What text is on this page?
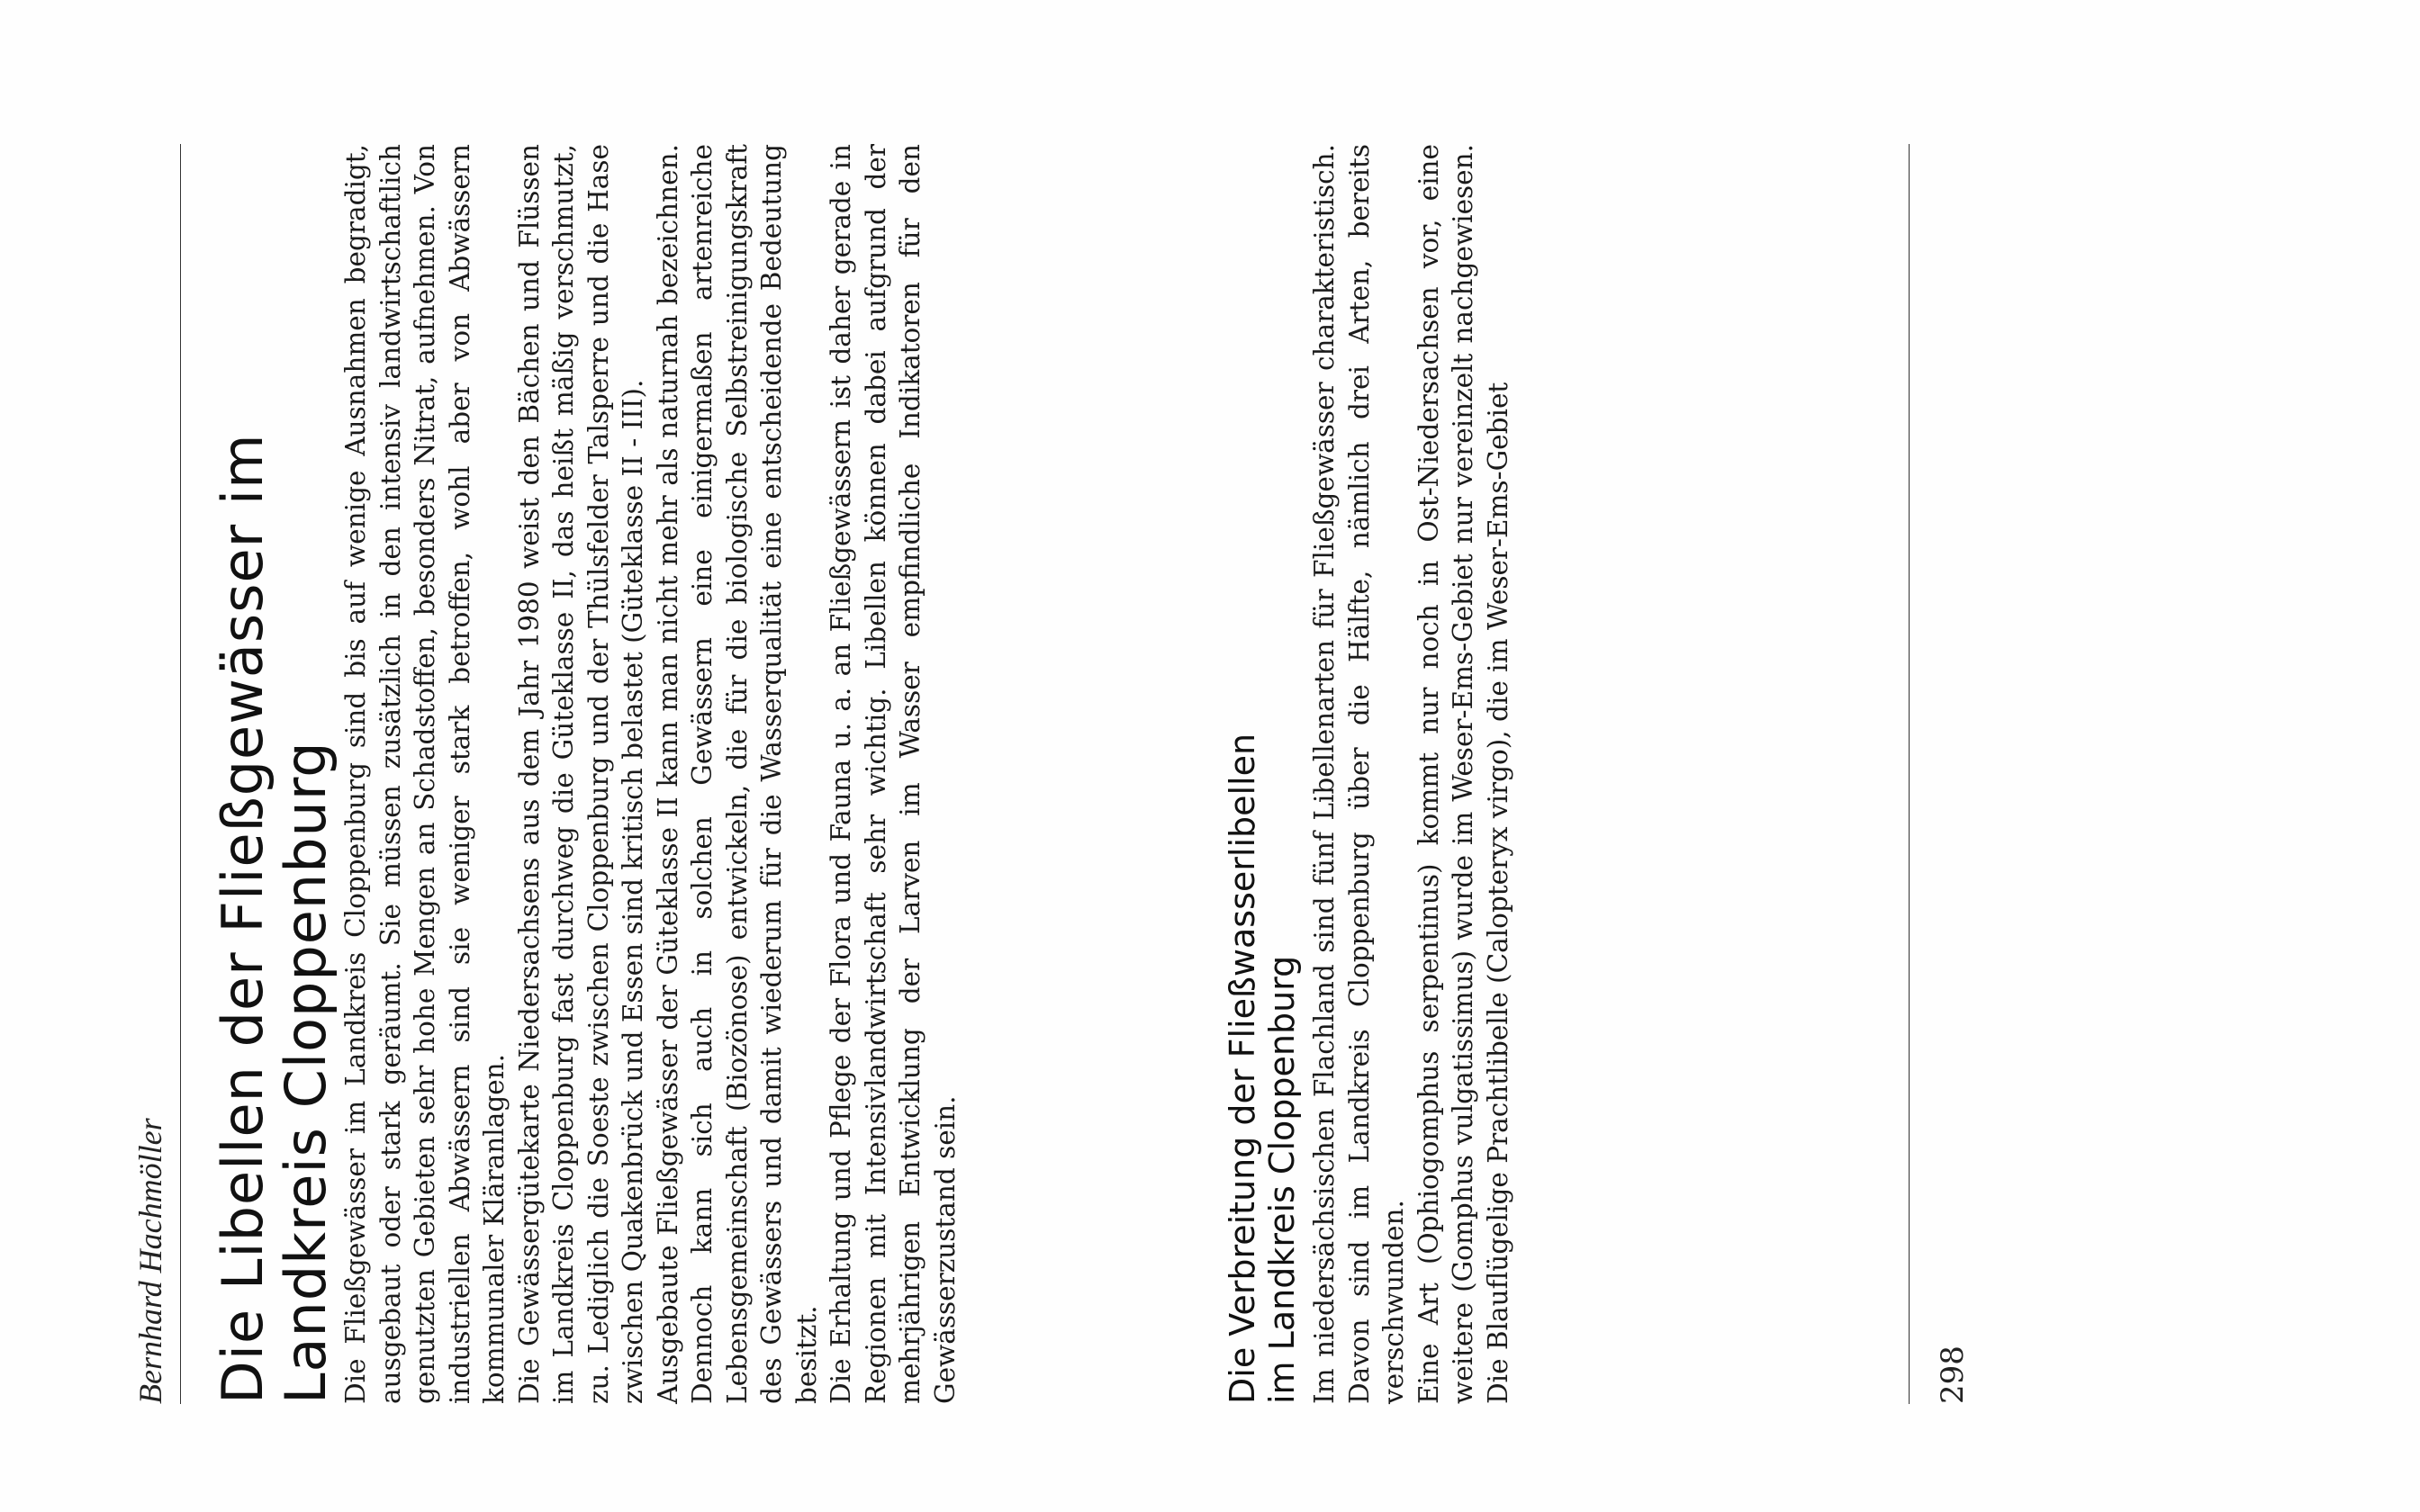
Bernhard Hachmöller Die Libellen der Fließgewässer im
Landkreis Cloppenburg Die Fließgewässer im Landkreis Cloppenburg sind bis auf wenige Ausnahmen begradigt, ausgebaut oder stark geräumt. Sie müssen zusätzlich in den intensiv landwirtschaftlich genutzten Gebieten sehr hohe Mengen an Schadstoffen, besonders Nitrat, aufnehmen. Von industriellen Abwässern sind sie weniger stark betroffen, wohl aber von Abwässern kommunaler Kläranlagen. Die Gewässergütekarte Niedersachsens aus dem Jahr 1980 weist den Bächen und Flüssen im Landkreis Cloppenburg fast durchweg die Güteklasse II, das heißt mäßig verschmutzt, zu. Lediglich die Soeste zwischen Cloppenburg und der Thülsfelder Talsperre und die Hase zwischen Quakenbrück und Essen sind kritisch belastet (Güteklasse II - III). Ausgebaute Fließgewässer der Güteklasse II kann man nicht mehr als naturnah bezeichnen. Dennoch kann sich auch in solchen Gewässern eine einigermaßen artenreiche Lebensgemeinschaft (Biozönose) entwickeln, die für die biologische Selbstreinigungskraft des Gewässers und damit wiederum für die Wasserqualität eine entscheidende Bedeutung besitzt. Die Erhaltung und Pflege der Flora und Fauna u. a. an Fließgewässern ist daher gerade in Regionen mit Intensivlandwirtschaft sehr wichtig. Libellen können dabei aufgrund der mehrjährigen Entwicklung der Larven im Wasser empfindliche Indikatoren für den Gewässerzustand sein.	Die Verbreitung der Fließwasserlibellen
im Landkreis Cloppenburg Im niedersächsischen Flachland sind fünf Libellenarten für Fließgewässer charakteristisch. Davon sind im Landkreis Cloppenburg über die Hälfte, nämlich drei Arten, bereits verschwunden. Eine Art (Ophiogomphus serpentinus) kommt nur noch in Ost-Niedersachsen vor, eine weitere (Gomphus vulgatissimus) wurde im Weser-Ems-Gebiet nur vereinzelt nachgewiesen. Die Blauflügelige Prachtlibelle (Calopteryx virgo), die im Weser-Ems-Gebiet	298
